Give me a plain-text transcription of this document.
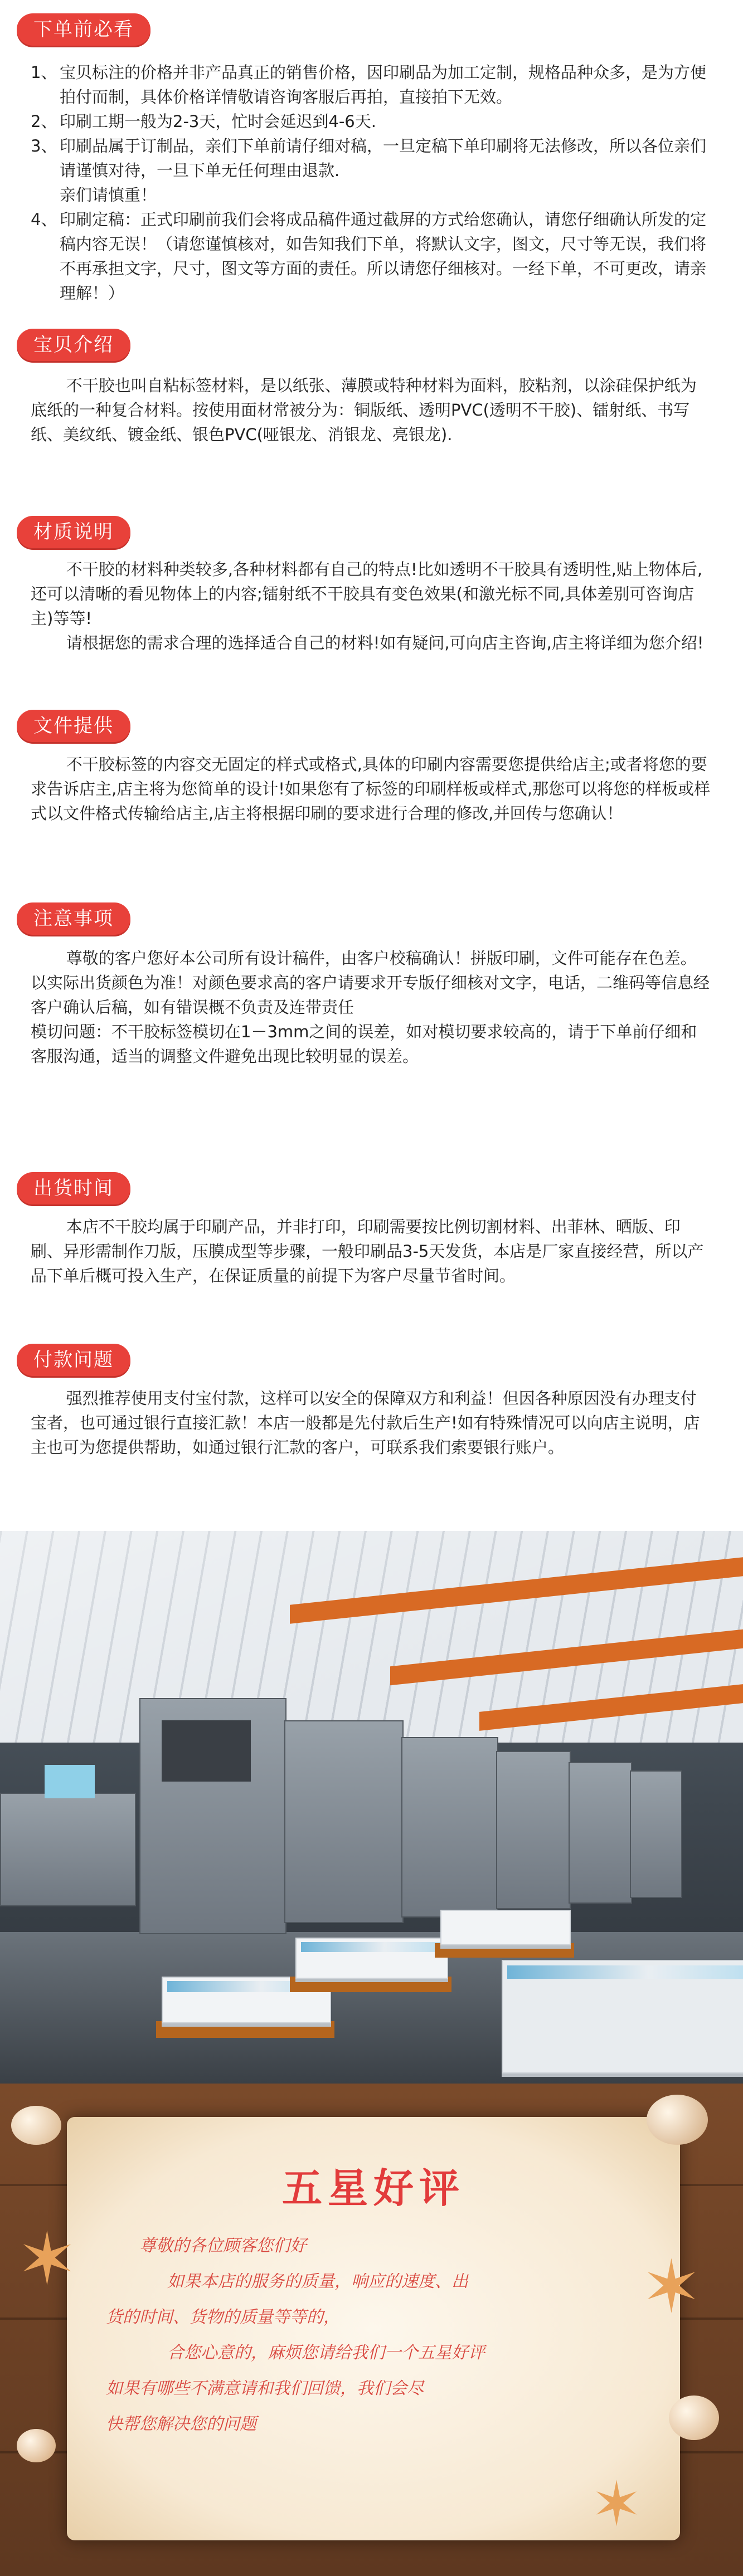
下单前必看
1、 宝贝标注的价格并非产品真正的销售价格，因印刷品为加工定制，规格品种众多，是为方便拍付而制，具体价格详情敬请咨询客服后再拍，直接拍下无效。
2、 印刷工期一般为2-3天，忙时会延迟到4-6天.
3、 印刷品属于订制品，亲们下单前请仔细对稿，一旦定稿下单印刷将无法修改，所以各位亲们请谨慎对待，一旦下单无任何理由退款.
亲们请慎重！
4、 印刷定稿：正式印刷前我们会将成品稿件通过截屏的方式给您确认，请您仔细确认所发的定稿内容无误！（请您谨慎核对，如告知我们下单，将默认文字，图文，尺寸等无误，我们将不再承担文字，尺寸，图文等方面的责任。所以请您仔细核对。一经下单，不可更改，请亲理解！）
宝贝介绍

不干胶也叫自粘标签材料，是以纸张、薄膜或特种材料为面料，胶粘剂，以涂硅保护纸为底纸的一种复合材料。按使用面材常被分为：铜版纸、透明PVC(透明不干胶)、镭射纸、书写纸、美纹纸、镀金纸、银色PVC(哑银龙、消银龙、亮银龙).

材质说明

不干胶的材料种类较多,各种材料都有自己的特点!比如透明不干胶具有透明性,贴上物体后,还可以清晰的看见物体上的内容;镭射纸不干胶具有变色效果(和激光标不同,具体差别可咨询店主)等等!

请根据您的需求合理的选择适合自己的材料!如有疑问,可向店主咨询,店主将详细为您介绍!

文件提供

不干胶标签的内容交无固定的样式或格式,具体的印刷内容需要您提供给店主;或者将您的要求告诉店主,店主将为您简单的设计!如果您有了标签的印刷样板或样式,那您可以将您的样板或样式以文件格式传输给店主,店主将根据印刷的要求进行合理的修改,并回传与您确认！

注意事项

尊敬的客户您好本公司所有设计稿件，由客户校稿确认！拼版印刷，文件可能存在色差。以实际出货颜色为准！对颜色要求高的客户请要求开专版仔细核对文字，电话，二维码等信息经客户确认后稿，如有错误概不负责及连带责任

模切问题：不干胶标签模切在1－3mm之间的误差，如对模切要求较高的，请于下单前仔细和客服沟通，适当的调整文件避免出现比较明显的误差。

出货时间

本店不干胶均属于印刷产品，并非打印，印刷需要按比例切割材料、出菲林、晒版、印刷、异形需制作刀版，压膜成型等步骤，一般印刷品3-5天发货，本店是厂家直接经营，所以产品下单后概可投入生产，在保证质量的前提下为客户尽量节省时间。

付款问题

强烈推荐使用支付宝付款，这样可以安全的保障双方和利益！但因各种原因没有办理支付宝者，也可通过银行直接汇款！本店一般都是先付款后生产!如有特殊情况可以向店主说明，店主也可为您提供帮助，如通过银行汇款的客户，可联系我们索要银行账户。

五星好评
尊敬的各位顾客您们好
如果本店的服务的质量，响应的速度、出
货的时间、货物的质量等等的，
合您心意的，麻烦您请给我们一个五星好评
如果有哪些不满意请和我们回馈，我们会尽
快帮您解决您的问题
✶	✶
✶
